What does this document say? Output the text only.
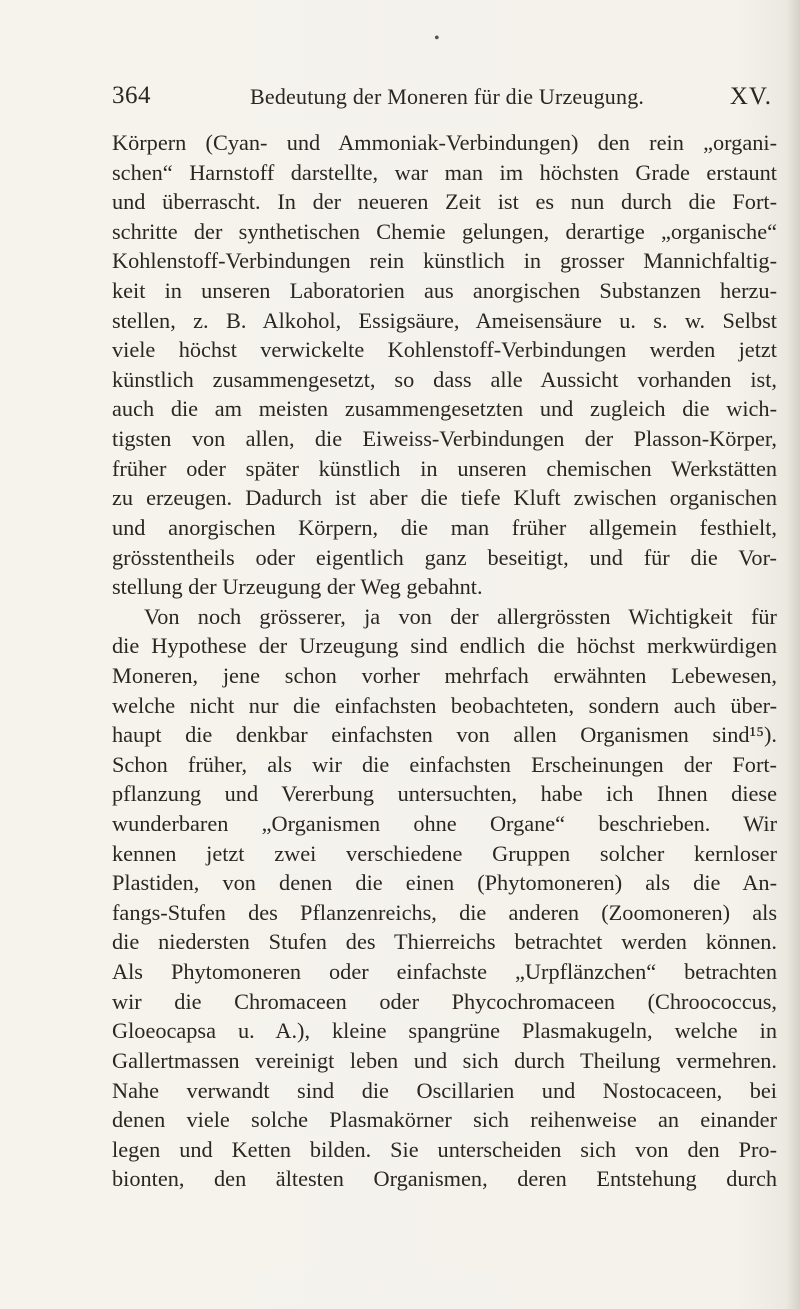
•
364	Bedeutung der Moneren für die Urzeugung.	XV.
Körpern (Cyan- und Ammoniak-Verbindungen) den rein „organi-
schen“ Harnstoff darstellte, war man im höchsten Grade erstaunt
und überrascht. In der neueren Zeit ist es nun durch die Fort-
schritte der synthetischen Chemie gelungen, derartige „organische“
Kohlenstoff-Verbindungen rein künstlich in grosser Mannichfaltig-
keit in unseren Laboratorien aus anorgischen Substanzen herzu-
stellen, z. B. Alkohol, Essigsäure, Ameisensäure u. s. w. Selbst
viele höchst verwickelte Kohlenstoff-Verbindungen werden jetzt
künstlich zusammengesetzt, so dass alle Aussicht vorhanden ist,
auch die am meisten zusammengesetzten und zugleich die wich-
tigsten von allen, die Eiweiss-Verbindungen der Plasson-Körper,
früher oder später künstlich in unseren chemischen Werkstätten
zu erzeugen. Dadurch ist aber die tiefe Kluft zwischen organischen
und anorgischen Körpern, die man früher allgemein festhielt,
grösstentheils oder eigentlich ganz beseitigt, und für die Vor-
stellung der Urzeugung der Weg gebahnt.
Von noch grösserer, ja von der allergrössten Wichtigkeit für
die Hypothese der Urzeugung sind endlich die höchst merkwürdigen
Moneren, jene schon vorher mehrfach erwähnten Lebewesen,
welche nicht nur die einfachsten beobachteten, sondern auch über-
haupt die denkbar einfachsten von allen Organismen sind¹⁵).
Schon früher, als wir die einfachsten Erscheinungen der Fort-
pflanzung und Vererbung untersuchten, habe ich Ihnen diese
wunderbaren „Organismen ohne Organe“ beschrieben. Wir
kennen jetzt zwei verschiedene Gruppen solcher kernloser
Plastiden, von denen die einen (Phytomoneren) als die An-
fangs-Stufen des Pflanzenreichs, die anderen (Zoomoneren) als
die niedersten Stufen des Thierreichs betrachtet werden können.
Als Phytomoneren oder einfachste „Urpflänzchen“ betrachten
wir die Chromaceen oder Phycochromaceen (Chroococcus,
Gloeocapsa u. A.), kleine spangrüne Plasmakugeln, welche in
Gallertmassen vereinigt leben und sich durch Theilung vermehren.
Nahe verwandt sind die Oscillarien und Nostocaceen, bei
denen viele solche Plasmakörner sich reihenweise an einander
legen und Ketten bilden. Sie unterscheiden sich von den Pro-
bionten, den ältesten Organismen, deren Entstehung durch
